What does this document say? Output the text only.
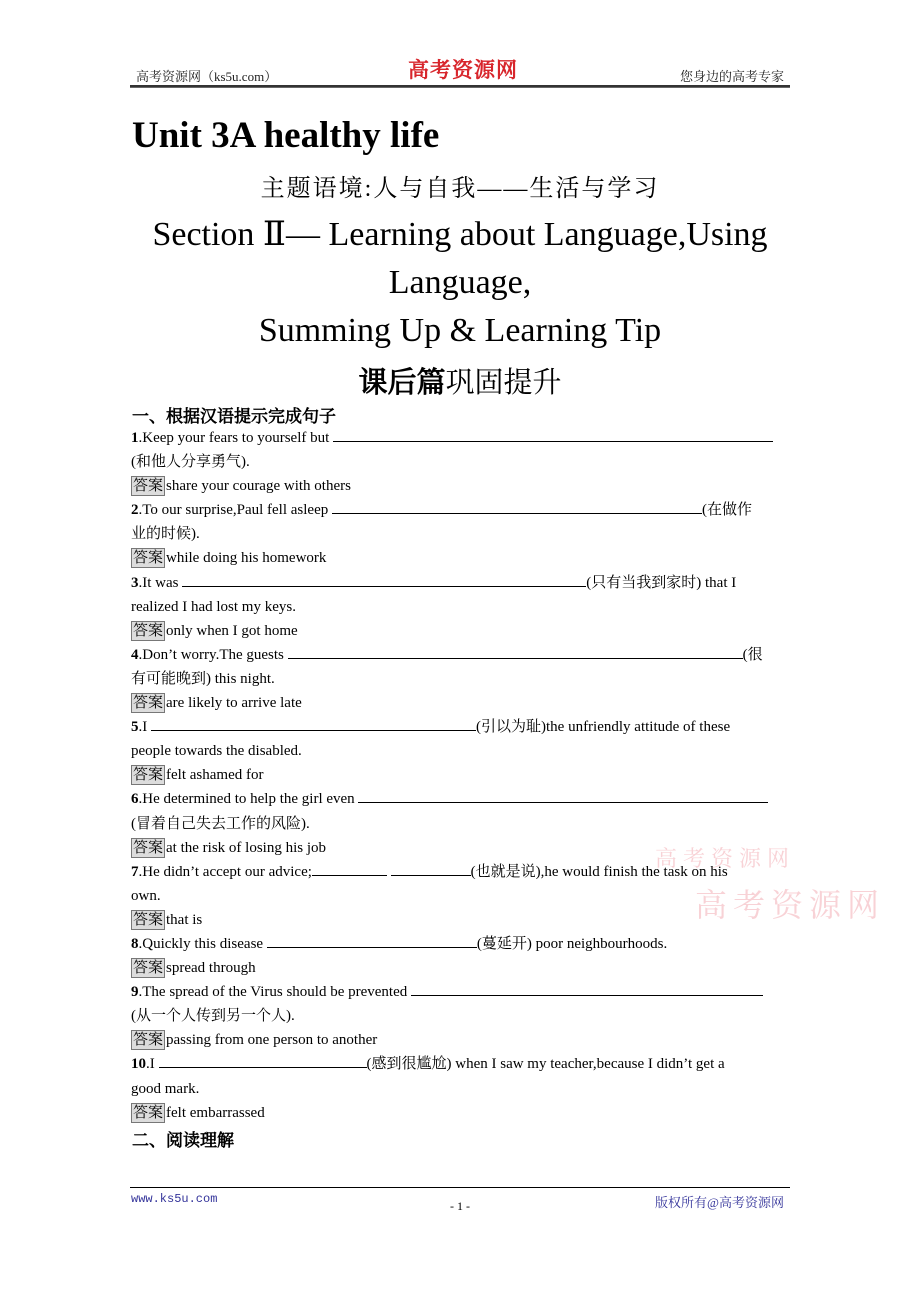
高考资源网（ks5u.com）	高考资源网	您身边的高考专家
Unit 3A healthy life
主题语境:人与自我——生活与学习
Section Ⅱ— Learning about Language,Using
Language,
Summing Up & Learning Tip
课后篇巩固提升
一、根据汉语提示完成句子
1.Keep your fears to yourself but
(和他人分享勇气).
答案 share your courage with others
2.To our surprise,Paul fell asleep	(在做作
业的时候).
答案 while doing his homework
3.It was	(只有当我到家时) that I
realized I had lost my keys.
答案 only when I got home
4.Don’t worry.The guests	(很
有可能晚到) this night.
答案 are likely to arrive late
5.I	(引以为耻)the unfriendly attitude of these
people towards the disabled.
答案 felt ashamed for
6.He determined to help the girl even
(冒着自己失去工作的风险).
答案 at the risk of losing his job
7.He didn’t accept our advice;	(也就是说),he would finish the task on his
own.
答案 that is
8.Quickly this disease	(蔓延开) poor neighbourhoods.
答案 spread through
9.The spread of the Virus should be prevented
(从一个人传到另一个人).
答案 passing from one person to another
10.I	(感到很尴尬) when I saw my teacher,because I didn’t get a
good mark.
答案 felt embarrassed
二、阅读理解
高考资源网
高考资源网
www.ks5u.com	- 1 -	版权所有@高考资源网
